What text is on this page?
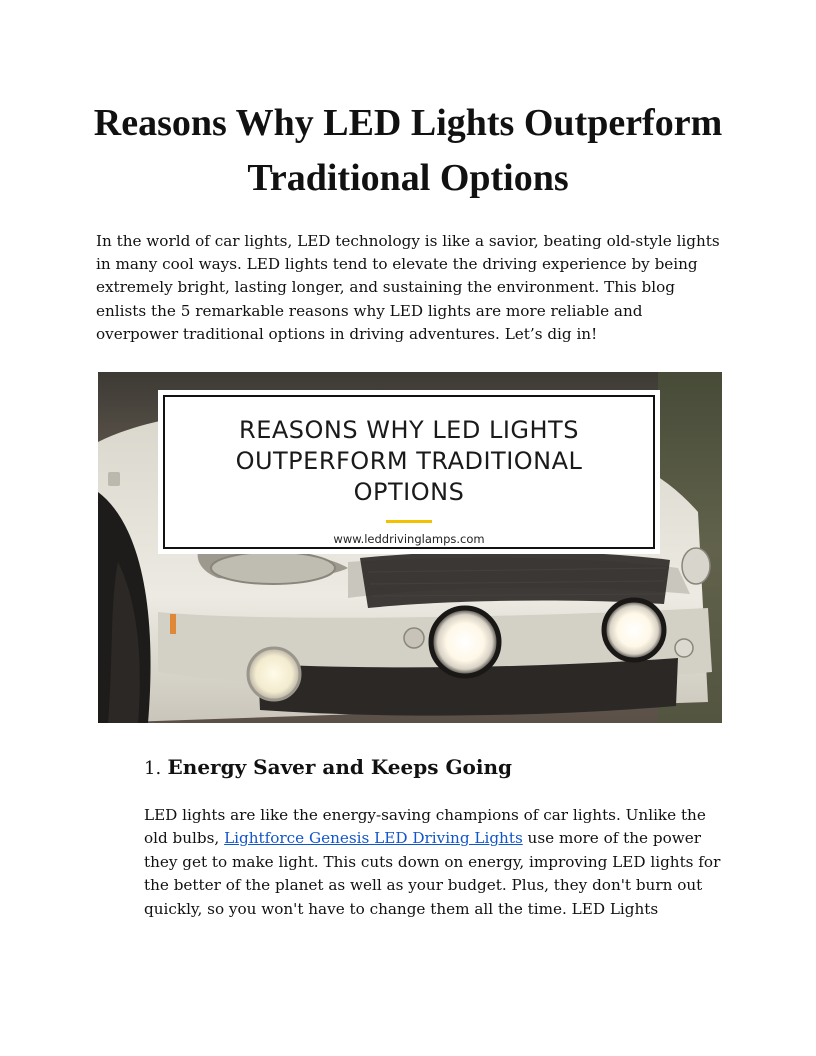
Reasons Why LED Lights Outperform Traditional Options

In the world of car lights, LED technology is like a savior, beating old-style lights in many cool ways. LED lights tend to elevate the driving experience by being extremely bright, lasting longer, and sustaining the environment. This blog enlists the 5 remarkable reasons why LED lights are more reliable and overpower traditional options in driving adventures. Let’s dig in!

REASONS WHY LED LIGHTS OUTPERFORM TRADITIONAL OPTIONS
www.leddrivinglamps.com
1. Energy Saver and Keeps Going

LED lights are like the energy-saving champions of car lights. Unlike the old bulbs, Lightforce Genesis LED Driving Lights use more of the power they get to make light. This cuts down on energy, improving LED lights for the better of the planet as well as your budget. Plus, they don't burn out quickly, so you won't have to change them all the time. LED Lights
